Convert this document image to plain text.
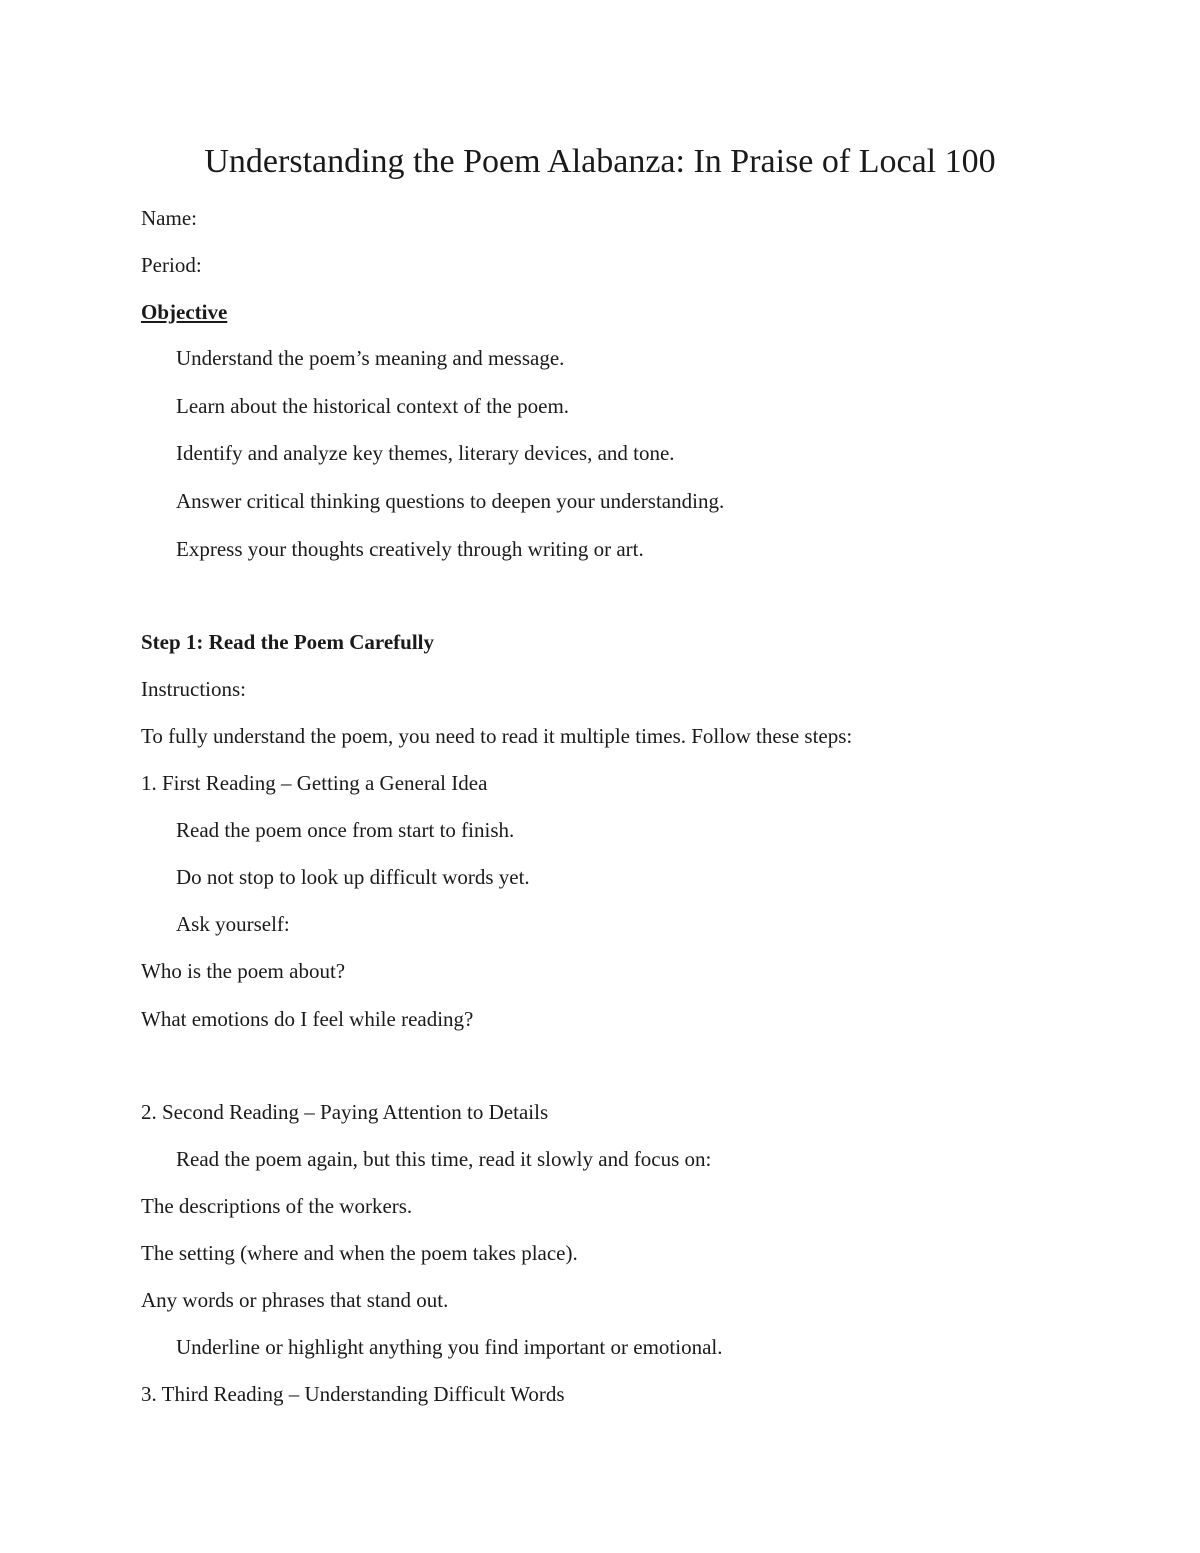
Understanding the Poem Alabanza: In Praise of Local 100
Name:
Period:
Objective
Understand the poem’s meaning and message.
Learn about the historical context of the poem.
Identify and analyze key themes, literary devices, and tone.
Answer critical thinking questions to deepen your understanding.
Express your thoughts creatively through writing or art.
Step 1: Read the Poem Carefully
Instructions:
To fully understand the poem, you need to read it multiple times. Follow these steps:
1. First Reading – Getting a General Idea
Read the poem once from start to finish.
Do not stop to look up difficult words yet.
Ask yourself:
Who is the poem about?
What emotions do I feel while reading?
2. Second Reading – Paying Attention to Details
Read the poem again, but this time, read it slowly and focus on:
The descriptions of the workers.
The setting (where and when the poem takes place).
Any words or phrases that stand out.
Underline or highlight anything you find important or emotional.
3. Third Reading – Understanding Difficult Words
